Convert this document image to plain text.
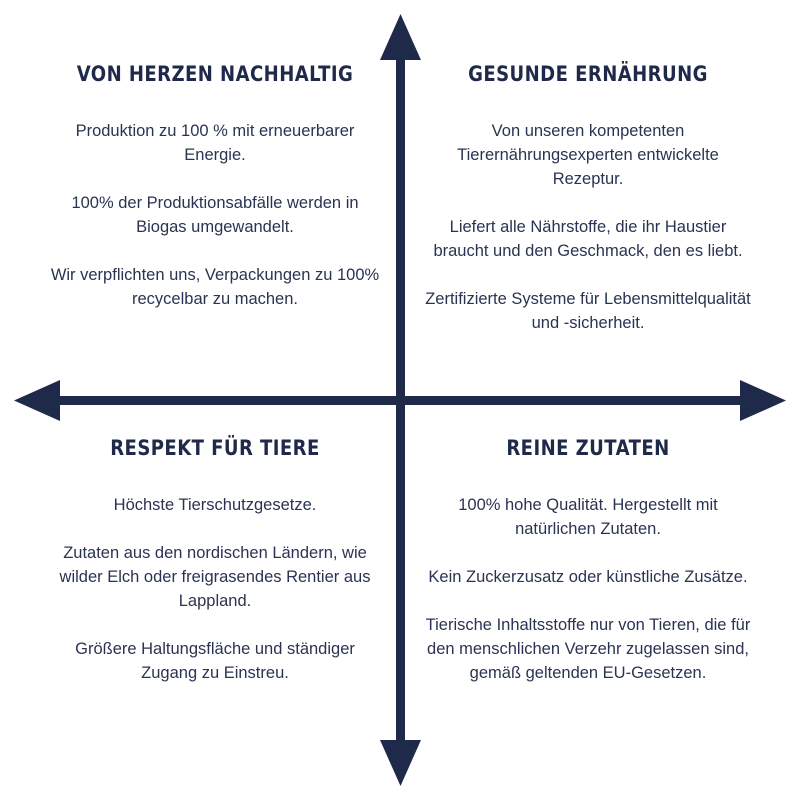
VON HERZEN NACHHALTIG

Produktion zu 100 % mit erneuerbarer Energie.

100% der Produktionsabfälle werden in Biogas umgewandelt.

Wir verpflichten uns, Verpackungen zu 100% recycelbar zu machen.

GESUNDE ERNÄHRUNG

Von unseren kompetenten Tierernährungsexperten entwickelte Rezeptur.

Liefert alle Nährstoffe, die ihr Haustier braucht und den Geschmack, den es liebt.

Zertifizierte Systeme für Lebensmittelqualität und -sicherheit.

RESPEKT FÜR TIERE

Höchste Tierschutzgesetze.

Zutaten aus den nordischen Ländern, wie wilder Elch oder freigrasendes Rentier aus Lappland.

Größere Haltungsfläche und ständiger Zugang zu Einstreu.

REINE ZUTATEN

100% hohe Qualität. Hergestellt mit natürlichen Zutaten.

Kein Zuckerzusatz oder künstliche Zusätze.

Tierische Inhaltsstoffe nur von Tieren, die für den menschlichen Verzehr zugelassen sind, gemäß geltenden EU-Gesetzen.
